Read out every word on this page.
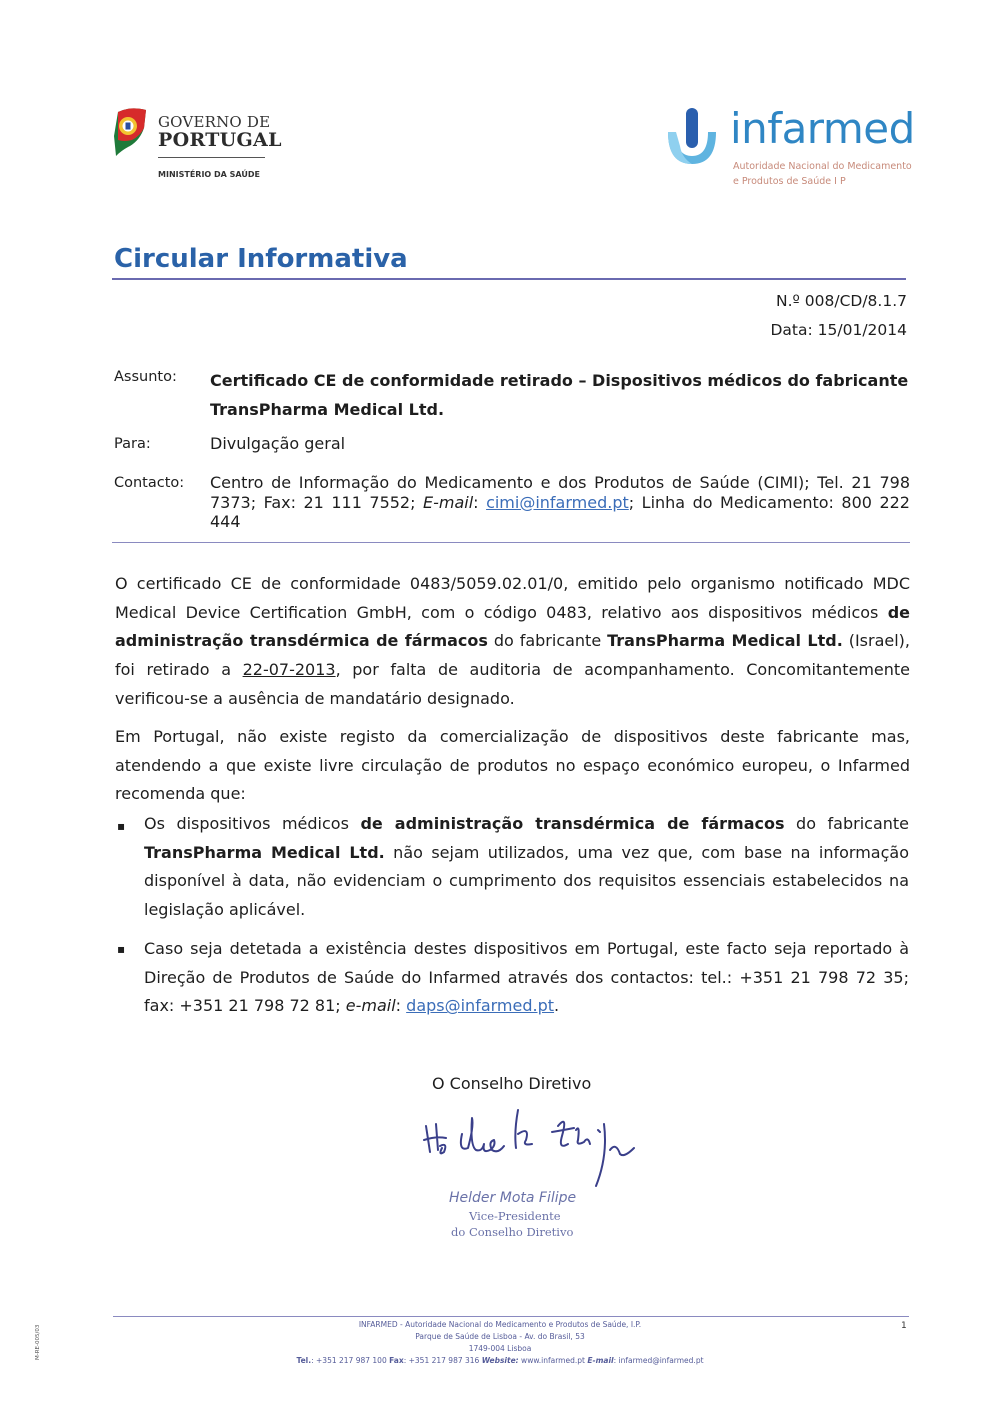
GOVERNO DE
PORTUGAL
MINISTÉRIO DA SAÚDE
infarmed
Autoridade Nacional do Medicamento
e Produtos de Saúde I P
Circular Informativa
N.º 008/CD/8.1.7
Data: 15/01/2014
Assunto: Certificado CE de conformidade retirado – Dispositivos médicos do fabricante TransPharma Medical Ltd.
Para:	Divulgação geral
Contacto: Centro de Informação do Medicamento e dos Produtos de Saúde (CIMI); Tel. 21 798 7373; Fax: 21 111 7552; E-mail: cimi@infarmed.pt; Linha do Medicamento: 800 222 444
O certificado CE de conformidade 0483/5059.02.01/0, emitido pelo organismo notificado MDC Medical Device Certification GmbH, com o código 0483, relativo aos dispositivos médicos de administração transdérmica de fármacos do fabricante TransPharma Medical Ltd. (Israel), foi retirado a 22-07-2013, por falta de auditoria de acompanhamento. Concomitantemente verificou-se a ausência de mandatário designado.
Em Portugal, não existe registo da comercialização de dispositivos deste fabricante mas, atendendo a que existe livre circulação de produtos no espaço económico europeu, o Infarmed recomenda que:
▪ Os dispositivos médicos de administração transdérmica de fármacos do fabricante TransPharma Medical Ltd. não sejam utilizados, uma vez que, com base na informação disponível à data, não evidenciam o cumprimento dos requisitos essenciais estabelecidos na legislação aplicável.
▪ Caso seja detetada a existência destes dispositivos em Portugal, este facto seja reportado à Direção de Produtos de Saúde do Infarmed através dos contactos: tel.: +351 21 798 72 35; fax: +351 21 798 72 81; e-mail: daps@infarmed.pt.
O Conselho Diretivo
Helder Mota Filipe
Vice-Presidente
do Conselho Diretivo
INFARMED - Autoridade Nacional do Medicamento e Produtos de Saúde, I.P.
Parque de Saúde de Lisboa - Av. do Brasil, 53
1749-004 Lisboa
Tel.: +351 217 987 100 Fax: +351 217 987 316 Website: www.infarmed.pt E-mail: infarmed@infarmed.pt
1
M-RE-005/03
